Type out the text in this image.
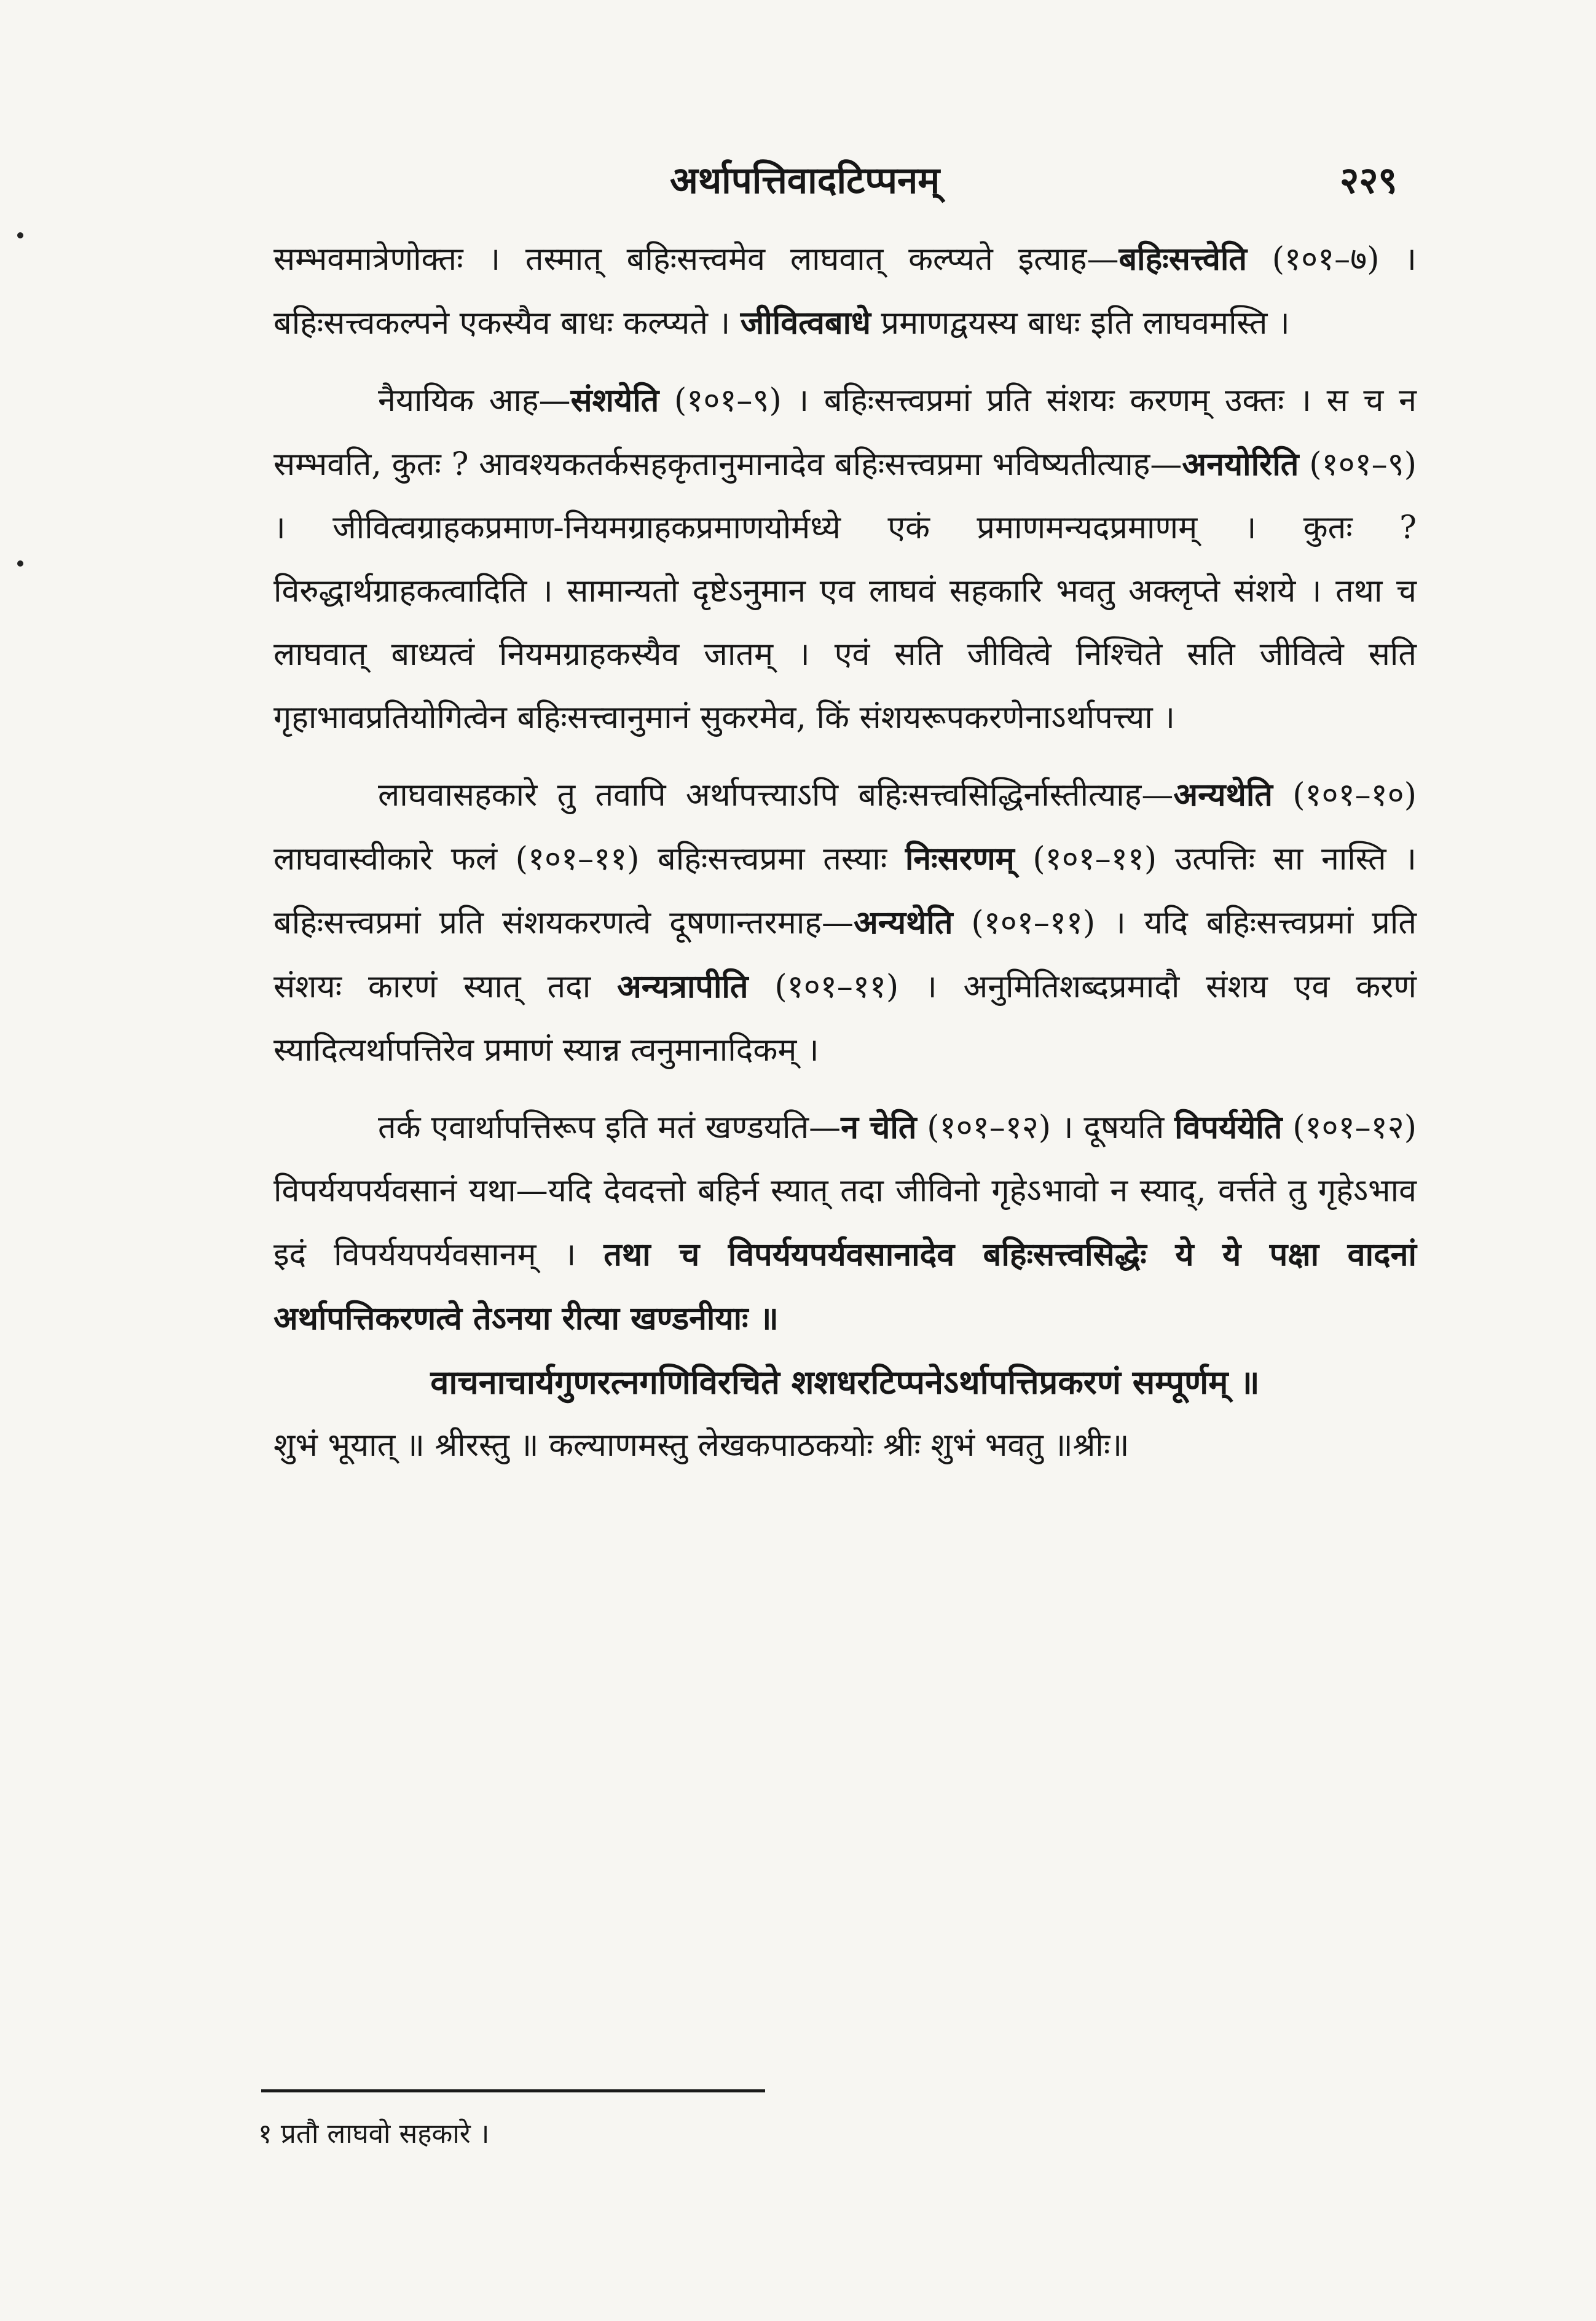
अर्थापत्तिवादटिप्पनम्	२२९

सम्भवमात्रेणोक्तः । तस्मात् बहिःसत्त्वमेव लाघवात् कल्प्यते इत्याह—बहिःसत्त्वेति (१०१–७) । बहिःसत्त्वकल्पने एकस्यैव बाधः कल्प्यते । जीवित्वबाधे प्रमाणद्वयस्य बाधः इति लाघवमस्ति ।

नैयायिक आह—संशयेति (१०१–९) । बहिःसत्त्वप्रमां प्रति संशयः करणम् उक्तः । स च न सम्भवति, कुतः ? आवश्यकतर्कसहकृतानुमानादेव बहिःसत्त्वप्रमा भविष्यतीत्याह—अनयोरिति (१०१–९) । जीवित्वग्राहकप्रमाण-नियमग्राहकप्रमाणयोर्मध्ये एकं प्रमाणमन्यदप्रमाणम् । कुतः ? विरुद्धार्थग्राहकत्वादिति । सामान्यतो दृष्टेऽनुमान एव लाघवं सहकारि भवतु अक्लृप्ते संशये । तथा च लाघवात् बाध्यत्वं नियमग्राहकस्यैव जातम् । एवं सति जीवित्वे निश्चिते सति जीवित्वे सति गृहाभावप्रतियोगित्वेन बहिःसत्त्वानुमानं सुकरमेव, किं संशयरूपकरणेनाऽर्थापत्त्या ।

लाघवासहकारे तु तवापि अर्थापत्त्याऽपि बहिःसत्त्वसिद्धिर्नास्तीत्याह—अन्यथेति (१०१–१०) लाघवास्वीकारे फलं (१०१–११) बहिःसत्त्वप्रमा तस्याः निःसरणम् (१०१–११) उत्पत्तिः सा नास्ति । बहिःसत्त्वप्रमां प्रति संशयकरणत्वे दूषणान्तरमाह—अन्यथेति (१०१–११) । यदि बहिःसत्त्वप्रमां प्रति संशयः कारणं स्यात् तदा अन्यत्रापीति (१०१–११) । अनुमितिशब्दप्रमादौ संशय एव करणं स्यादित्यर्थापत्तिरेव प्रमाणं स्यान्न त्वनुमानादिकम् ।

तर्क एवार्थापत्तिरूप इति मतं खण्डयति—न चेति (१०१–१२) । दूषयति विपर्ययेति (१०१–१२) विपर्ययपर्यवसानं यथा—यदि देवदत्तो बहिर्न स्यात् तदा जीविनो गृहेऽभावो न स्याद्, वर्त्तते तु गृहेऽभाव इदं विपर्ययपर्यवसानम् । तथा च विपर्ययपर्यवसानादेव बहिःसत्त्वसिद्धेः ये ये पक्षा वादनां अर्थापत्तिकरणत्वे तेऽनया रीत्या खण्डनीयाः ॥

वाचनाचार्यगुणरत्नगणिविरचिते शशधरटिप्पनेऽर्थापत्तिप्रकरणं सम्पूर्णम् ॥

शुभं भूयात् ॥ श्रीरस्तु ॥ कल्याणमस्तु लेखकपाठकयोः श्रीः शुभं भवतु ॥श्रीः॥

१ प्रतौ लाघवो सहकारे ।
